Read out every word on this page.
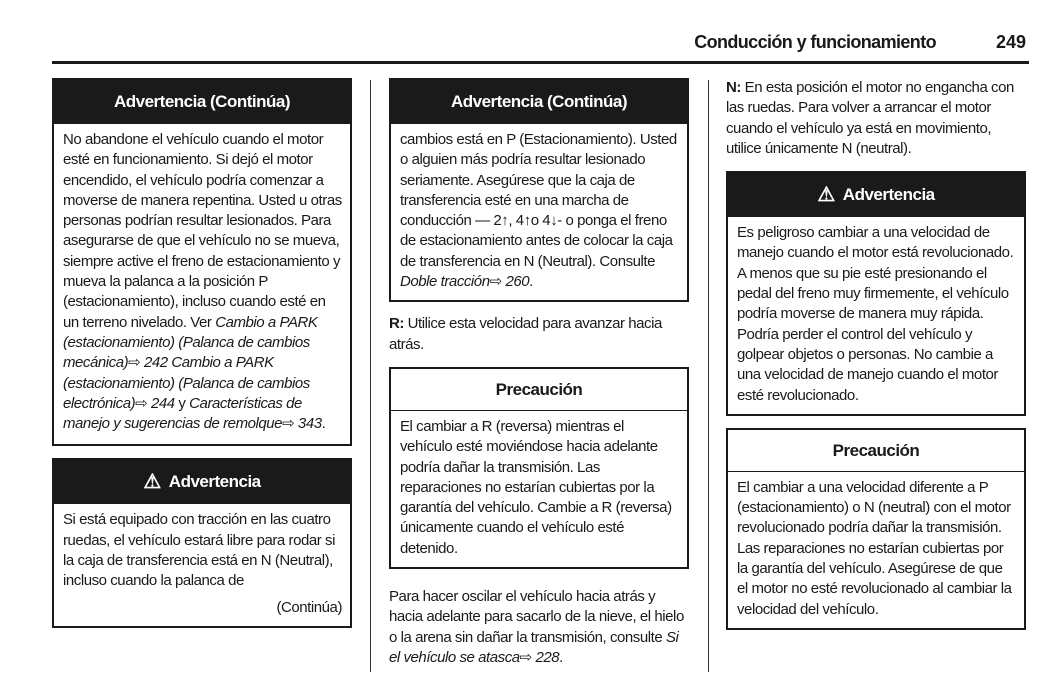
Conducción y funcionamiento	249
Advertencia (Continúa)
No abandone el vehículo cuando el motor esté en funcionamiento. Si dejó el motor encendido, el vehículo podría comenzar a moverse de manera repentina. Usted u otras personas podrían resultar lesionados. Para asegurarse de que el vehículo no se mueva, siempre active el freno de estacionamiento y mueva la palanca a la posición P (estacionamiento), incluso cuando esté en un terreno nivelado. Ver Cambio a PARK (estacionamiento) (Palanca de cambios mecánica)⇨ 242 Cambio a PARK (estacionamiento) (Palanca de cambios electrónica)⇨ 244 y Características de manejo y sugerencias de remolque⇨ 343.
⚠ Advertencia
Si está equipado con tracción en las cuatro ruedas, el vehículo estará libre para rodar si la caja de transferencia está en N (Neutral), incluso cuando la palanca de
(Continúa)
Advertencia (Continúa)
cambios está en P (Estacionamiento). Usted o alguien más podría resultar lesionado seriamente. Asegúrese que la caja de transferencia esté en una marcha de conducción — 2↑, 4↑o 4↓- o ponga el freno de estacionamiento antes de colocar la caja de transferencia en N (Neutral). Consulte Doble tracción⇨ 260.
R: Utilice esta velocidad para avanzar hacia atrás.
Precaución
El cambiar a R (reversa) mientras el vehículo esté moviéndose hacia adelante podría dañar la transmisión. Las reparaciones no estarían cubiertas por la garantía del vehículo. Cambie a R (reversa) únicamente cuando el vehículo esté detenido.
Para hacer oscilar el vehículo hacia atrás y hacia adelante para sacarlo de la nieve, el hielo o la arena sin dañar la transmisión, consulte Si el vehículo se atasca⇨ 228.
N: En esta posición el motor no engancha con las ruedas. Para volver a arrancar el motor cuando el vehículo ya está en movimiento, utilice únicamente N (neutral).
⚠ Advertencia
Es peligroso cambiar a una velocidad de manejo cuando el motor está revolucionado. A menos que su pie esté presionando el pedal del freno muy firmemente, el vehículo podría moverse de manera muy rápida. Podría perder el control del vehículo y golpear objetos o personas. No cambie a una velocidad de manejo cuando el motor esté revolucionado.
Precaución
El cambiar a una velocidad diferente a P (estacionamiento) o N (neutral) con el motor revolucionado podría dañar la transmisión. Las reparaciones no estarían cubiertas por la garantía del vehículo. Asegúrese de que el motor no esté revolucionado al cambiar la velocidad del vehículo.
